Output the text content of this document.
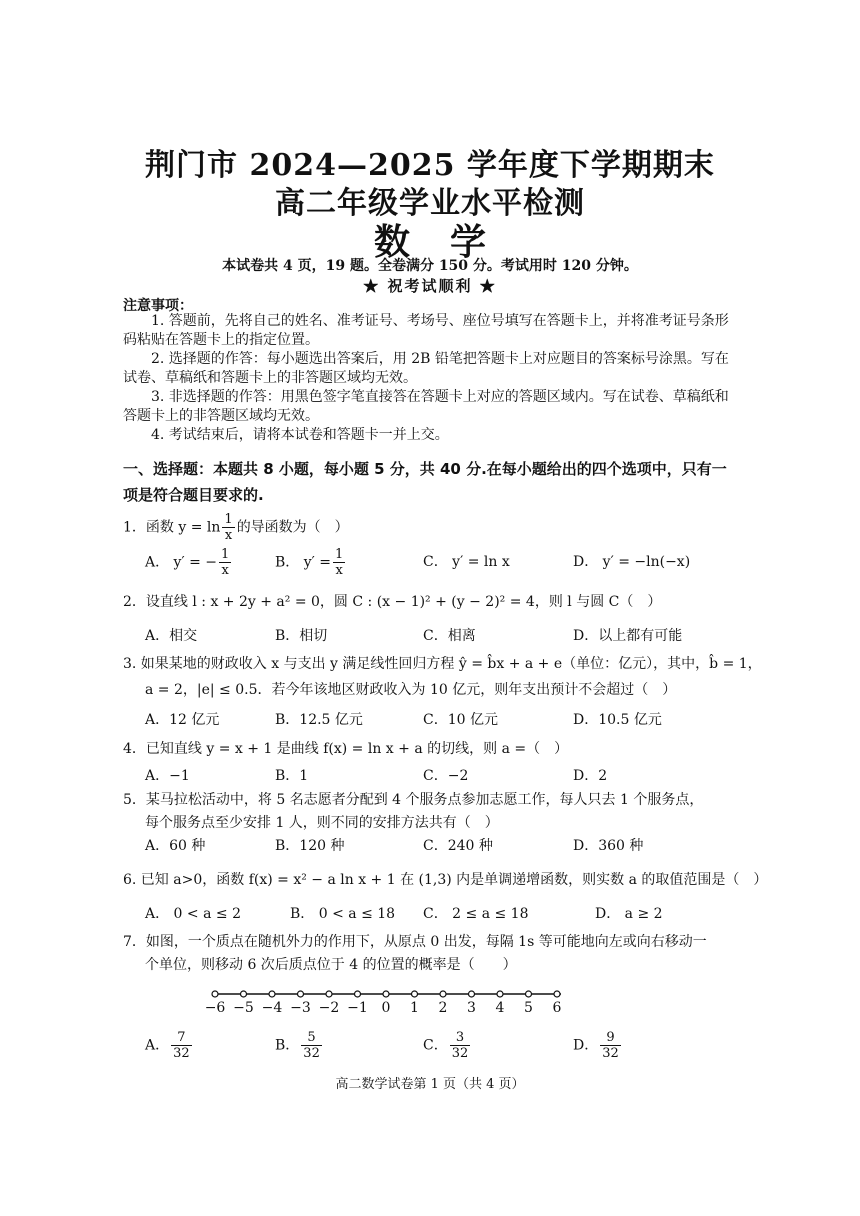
荆门市 2024—2025 学年度下学期期末
高二年级学业水平检测
数学
本试卷共 4 页，19 题。全卷满分 150 分。考试用时 120 分钟。
★ 祝考试顺利 ★
注意事项：
1. 答题前，先将自己的姓名、准考证号、考场号、座位号填写在答题卡上，并将准考证号条形码粘贴在答题卡上的指定位置。
2. 选择题的作答：每小题选出答案后，用 2B 铅笔把答题卡上对应题目的答案标号涂黑。写在试卷、草稿纸和答题卡上的非答题区域均无效。
3. 非选择题的作答：用黑色签字笔直接答在答题卡上对应的答题区域内。写在试卷、草稿纸和答题卡上的非答题区域均无效。
4. 考试结束后，请将本试卷和答题卡一并上交。
一、选择题：本题共 8 小题，每小题 5 分，共 40 分.在每小题给出的四个选项中，只有一项是符合题目要求的.
1．函数 $y = \ln \frac{1}{x}$ 的导函数为（　）
A． y′ = − $\frac{1}{x}$	B． $y' = \frac{1}{x}$	C． y′ = ln x	D． y′ = −ln(−x)
2．设直线 l : x + 2y + a² = 0，圆 C : (x − 1)² + (y − 2)² = 4，则 l 与圆 C（　）
A．相交	B．相切	C．相离	D．以上都有可能
3. 如果某地的财政收入 x 与支出 y 满足线性回归方程 ŷ = b̂x + a + e（单位：亿元），其中，b̂ = 1，
a = 2，|e| ≤ 0.5．若今年该地区财政收入为 10 亿元，则年支出预计不会超过（　）
A．12 亿元	B．12.5 亿元	C．10 亿元	D．10.5 亿元
4．已知直线 y = x + 1 是曲线 f(x) = ln x + a 的切线，则 a =（　）
A．−1	B．1	C．−2	D．2
5．某马拉松活动中，将 5 名志愿者分配到 4 个服务点参加志愿工作，每人只去 1 个服务点，
每个服务点至少安排 1 人，则不同的安排方法共有（　）
A．60 种	B．120 种	C．240 种	D．360 种
6. 已知 a>0，函数 f(x) = x² − a ln x + 1 在 (1,3) 内是单调递增函数，则实数 a 的取值范围是（　）
A． 0 < a ≤ 2	B． 0 < a ≤ 18 C． 2 ≤ a ≤ 18	D． a ≥ 2
7．如图，一个质点在随机外力的作用下，从原点 0 出发，每隔 1s 等可能地向左或向右移动一
个单位，则移动 6 次后质点位于 4 的位置的概率是（　　）
−6 −5 −4 −3 −2 −1 0 1 2 3 4 5 6
A． $\frac{7}{32}$	B． $\frac{5}{32}$	C． $\frac{3}{32}$	D． $\frac{9}{32}$
高二数学试卷第 1 页（共 4 页）
